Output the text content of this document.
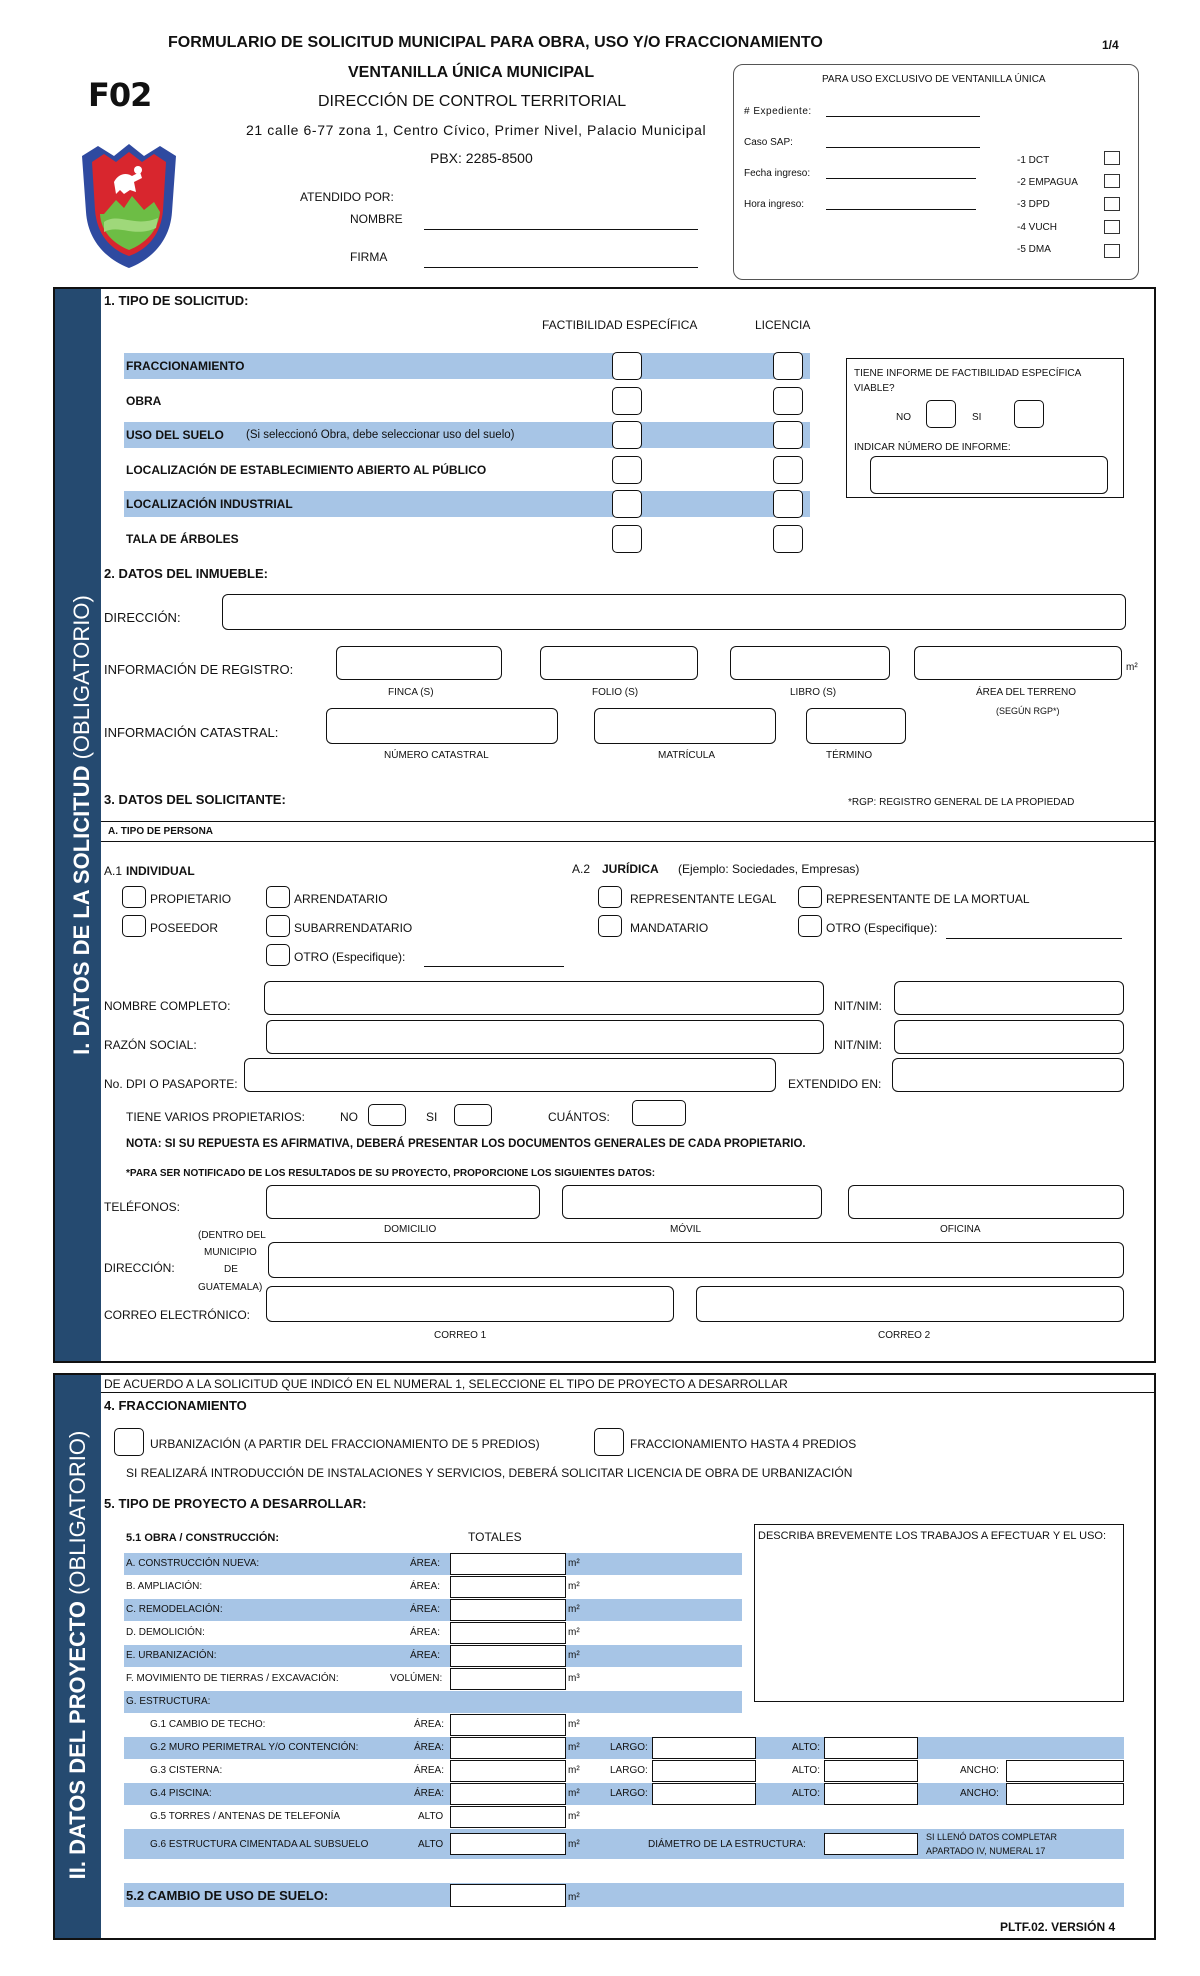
FORMULARIO DE SOLICITUD MUNICIPAL PARA OBRA, USO Y/O FRACCIONAMIENTO	1/4
F02
VENTANILLA ÚNICA MUNICIPAL
DIRECCIÓN DE CONTROL TERRITORIAL
21 calle 6-77 zona 1, Centro Cívico, Primer Nivel, Palacio Municipal
PBX: 2285-8500
ATENDIDO POR:
NOMBRE
FIRMA
PARA USO EXCLUSIVO DE VENTANILLA ÚNICA
# Expediente:
Caso SAP:
Fecha ingreso:
Hora ingreso:
-1 DCT
-2 EMPAGUA
-3 DPD
-4 VUCH
-5 DMA
I. DATOS DE LA SOLICITUD (OBLIGATORIO)
1. TIPO DE SOLICITUD:
FACTIBILIDAD ESPECÍFICA	LICENCIA
FRACCIONAMIENTO
OBRA
USO DEL SUELO (Si seleccionó Obra, debe seleccionar uso del suelo)
LOCALIZACIÓN DE ESTABLECIMIENTO ABIERTO AL PÚBLICO
LOCALIZACIÓN INDUSTRIAL
TALA DE ÁRBOLES
TIENE INFORME DE FACTIBILIDAD ESPECÍFICA VIABLE?
NO	SI
INDICAR NÚMERO DE INFORME:
2. DATOS DEL INMUEBLE:
DIRECCIÓN:
INFORMACIÓN DE REGISTRO:	m²
FINCA (S)	FOLIO (S)	LIBRO (S)	ÁREA DEL TERRENO
(SEGÚN RGP*)
INFORMACIÓN CATASTRAL:
NÚMERO CATASTRAL	MATRÍCULA	TÉRMINO
3. DATOS DEL SOLICITANTE:	*RGP: REGISTRO GENERAL DE LA PROPIEDAD
A. TIPO DE PERSONA
A.1 INDIVIDUAL	A.2 JURÍDICA (Ejemplo: Sociedades, Empresas)
PROPIETARIO	ARRENDATARIO	REPRESENTANTE LEGAL	REPRESENTANTE DE LA MORTUAL
POSEEDOR	SUBARRENDATARIO	MANDATARIO	OTRO (Especifique):
OTRO (Especifique):
NOMBRE COMPLETO:	NIT/NIM:
RAZÓN SOCIAL:	NIT/NIM:
No. DPI O PASAPORTE:	EXTENDIDO EN:
TIENE VARIOS PROPIETARIOS:	NO	SI	CUÁNTOS:
NOTA: SI SU REPUESTA ES AFIRMATIVA, DEBERÁ PRESENTAR LOS DOCUMENTOS GENERALES DE CADA PROPIETARIO.
*PARA SER NOTIFICADO DE LOS RESULTADOS DE SU PROYECTO, PROPORCIONE LOS SIGUIENTES DATOS:
TELÉFONOS:
DOMICILIO	MÓVIL	OFICINA
(DENTRO DEL
MUNICIPIO
DIRECCIÓN:	DE
GUATEMALA)
CORREO ELECTRÓNICO:
CORREO 1	CORREO 2
II. DATOS DEL PROYECTO (OBLIGATORIO)
DE ACUERDO A LA SOLICITUD QUE INDICÓ EN EL NUMERAL 1, SELECCIONE EL TIPO DE PROYECTO A DESARROLLAR
4. FRACCIONAMIENTO
URBANIZACIÓN (A PARTIR DEL FRACCIONAMIENTO DE 5 PREDIOS)	FRACCIONAMIENTO HASTA 4 PREDIOS
SI REALIZARÁ INTRODUCCIÓN DE INSTALACIONES Y SERVICIOS, DEBERÁ SOLICITAR LICENCIA DE OBRA DE URBANIZACIÓN
5. TIPO DE PROYECTO A DESARROLLAR:
5.1 OBRA / CONSTRUCCIÓN:	TOTALES	DESCRIBA BREVEMENTE LOS TRABAJOS A EFECTUAR Y EL USO:
A. CONSTRUCCIÓN NUEVA:	ÁREA:	m²
B. AMPLIACIÓN:	ÁREA:	m²
C. REMODELACIÓN:	ÁREA:	m²
D. DEMOLICIÓN:	ÁREA:	m²
E. URBANIZACIÓN:	ÁREA:	m²
F. MOVIMIENTO DE TIERRAS / EXCAVACIÓN:	VOLÚMEN:	m³
G. ESTRUCTURA:
G.1 CAMBIO DE TECHO:	ÁREA:	m²
G.2 MURO PERIMETRAL Y/O CONTENCIÓN:	ÁREA:	m²	LARGO:	ALTO:
G.3 CISTERNA:	ÁREA:	m²	LARGO:	ALTO:	ANCHO:
G.4 PISCINA:	ÁREA:	m²	LARGO:	ALTO:	ANCHO:
G.5 TORRES / ANTENAS DE TELEFONÍA	ALTO	m²
G.6 ESTRUCTURA CIMENTADA AL SUBSUELO	ALTO	m²	DIÁMETRO DE LA ESTRUCTURA:
SI LLENÓ DATOS COMPLETAR
APARTADO IV, NUMERAL 17
5.2 CAMBIO DE USO DE SUELO:	m²
PLTF.02. VERSIÓN 4
